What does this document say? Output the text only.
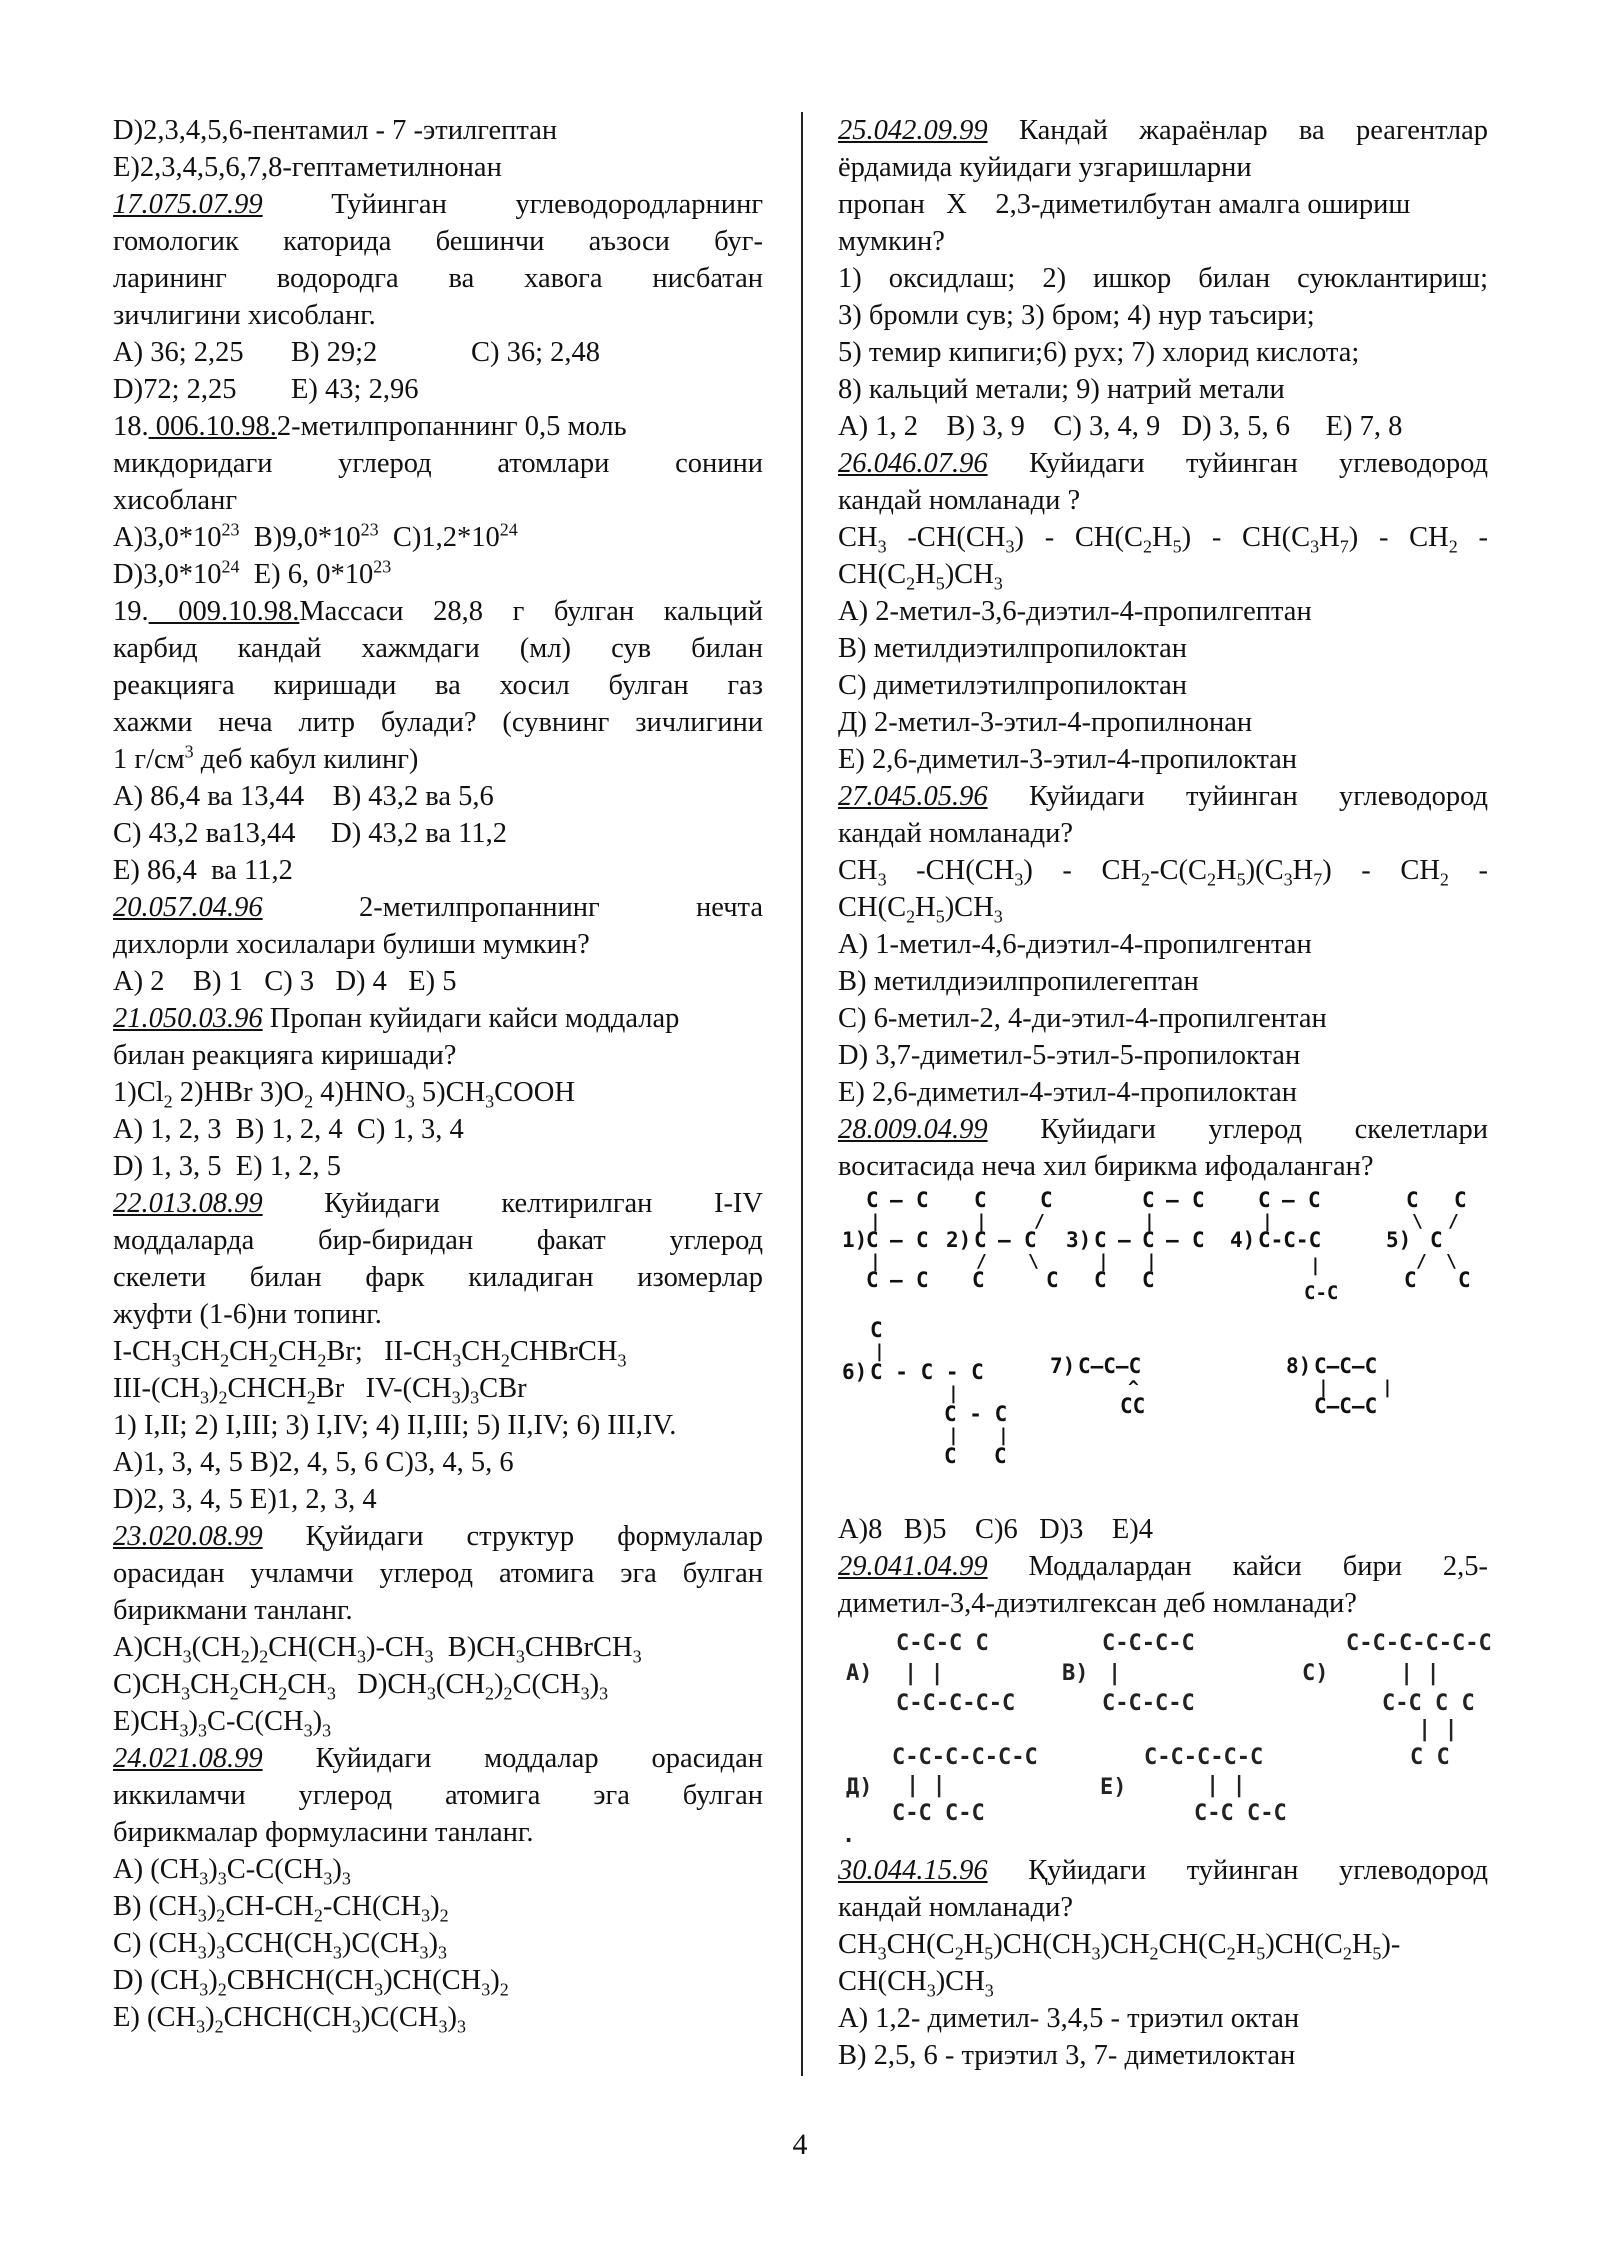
D)2,3,4,5,6-пентамил - 7 -этилгептан
E)2,3,4,5,6,7,8-гептаметилнонан
17.075.07.99 Туйинган углеводородларнинг
гомологик каторида бешинчи аъзоси буг-
ларининг водородга ва хавога нисбатан
зичлигини хисобланг.
A) 36; 2,25 B) 29;2	C) 36; 2,48
D)72; 2,25 E) 43; 2,96
18. 006.10.98.2-метилпропаннинг 0,5 моль
микдоридаги углерод атомлари сонини
хисобланг
$A)3,0*10^{23}$ $B)9,0*10^{23}$ $C)1,2*10^{24}$
$D)3,0*10^{24}$ E) 6, $0*10^{23}$
19. 009.10.98.Массаси 28,8 г булган кальций
карбид кандай хажмдаги (мл) сув билан
реакцияга киришади ва хосил булган газ
хажми неча литр булади? (сувнинг зичлигини
1 $г/см^3$ деб кабул килинг)
A) 86,4 ва 13,44    B) 43,2 ва 5,6
C) 43,2 ва13,44     D) 43,2 ва 11,2
E) 86,4  ва 11,2
20.057.04.96	2-метилпропаннинг нечта
дихлорли хосилалари булиши мумкин?
A) 2    B) 1   C) 3   D) 4   E) 5
21.050.03.96 Пропан куйидаги кайси моддалар
билан реакцияга киришади?
$1)Cl_2$ 2)HBr $3)O_2$ $4)HNO_3$ $5)CH_3COOH$
A) 1, 2, 3  B) 1, 2, 4  C) 1, 3, 4
D) 1, 3, 5  E) 1, 2, 5
22.013.08.99 Куйидаги келтирилган I-IV
моддаларда бир-биридан факат углерод
скелети билан фарк киладиган изомерлар
жуфти (1-6)ни топинг.
$I-CH_3CH_2CH_2CH_2Br$;   $II-CH_3CH_2CHBrCH_3$
III-$(CH_3)_2CHCH_2Br$   $IV-(CH_3)_3CBr$
1) I,II; 2) I,III; 3) I,IV; 4) II,III; 5) II,IV; 6) III,IV.
A)1, 3, 4, 5 B)2, 4, 5, 6 C)3, 4, 5, 6
D)2, 3, 4, 5 E)1, 2, 3, 4
23.020.08.99 Қуйидаги структур формулалар
орасидан учламчи углерод атомига эга булган
бирикмани танланг.
$A)CH_3(CH_2)_2CH(CH_3)-CH_3$  $B)CH_3CHBrCH_3$
$C)CH_3CH_2CH_2CH_3$   $D)CH_3(CH_2)_2C(CH_3)_3$
$E)CH_3)_3C-C(CH_3)_3$
24.021.08.99 Куйидаги моддалар орасидан
иккиламчи углерод атомига эга булган
бирикмалар формуласини танланг.
A) $(CH_3)_3C-C(CH_3)_3$
B) $(CH_3)_2CH-CH_2-CH(CH_3)_2$
C) $(CH_3)_3CCH(CH_3)C(CH_3)_3$
D) $(CH_3)_2CBHCH(CH_3)CH(CH_3)_2$
E) $(CH_3)_2CHCH(CH_3)C(CH_3)_3$
25.042.09.99 Кандай жараёнлар ва реагентлар
ёрдамида куйидаги узгаришларни
пропан   X    2,3-диметилбутан амалга ошириш
мумкин?
1) оксидлаш; 2) ишкор билан суюклантириш;
3) бромли сув; 3) бром; 4) нур таъсири;
5) темир кипиги;6) рух; 7) хлорид кислота;
8) кальций метали; 9) натрий метали
A) 1, 2    B) 3, 9    C) 3, 4, 9   D) 3, 5, 6     E) 7, 8
26.046.07.96 Куйидаги туйинган углеводород
кандай номланади ?
$CH_3$ $-CH(CH_3) - CH(C_2H_5) - CH(C_3H_7) - CH_2$ -
$CH(C_2H_5)CH_3$
A) 2-метил-3,6-диэтил-4-пропилгептан
B) метилдиэтилпропилоктан
C) диметилэтилпропилоктан
Д) 2-метил-3-этил-4-пропилнонан
E) 2,6-диметил-3-этил-4-пропилоктан
27.045.05.96 Куйидаги туйинган углеводород
кандай номланади?
$CH_3$ $-CH(CH_3) - CH_2-C(C_2H_5)(C_3H_7) - CH_2$ -
$CH(C_2H_5)CH_3$
A) 1-метил-4,6-диэтил-4-пропилгентан
B) метилдиэилпропилегептан
C) 6-метил-2, 4-ди-этил-4-пропилгентан
D) 3,7-диметил-5-этил-5-пропилоктан
E) 2,6-диметил-4-этил-4-пропилоктан
28.009.04.99 Куйидаги углерод скелетлари
воситасида неча хил бирикма ифодаланган?
C — C
|
1)
C — C
|
C — C
C	C
|	/
2) C — C
/ \
C	C
C — C
|
3) C — C — C
| |
C C
C — C
|
4) C-C-C
|
C-C
C C
\ /
5) C
/ \
C C
C
|
6) C - C - C
|
C - C
| |
C C
7) C—C—C
^
CC
8) C—C—C
|	|
C—C—C
A)8   B)5    C)6   D)3    E)4
29.041.04.99 Моддалардан кайси бири 2,5-
диметил-3,4-диэтилгексан деб номланади?
C-C-C C
| |
A)
C-C-C-C-C
C-C-C-C
|
B)
C-C-C-C
C-C-C-C-C-C
| |
C)
C-C C C
| |
C C
C-C-C-C-C-C
| |
Д)
C-C C-C
C-C-C-C-C
| |
E)
C-C C-C
.
30.044.15.96 Қуйидаги туйинган углеводород
кандай номланади?
$CH_3CH(C_2H_5)CH(CH_3)CH_2CH(C_2H_5)CH(C_2H_5)-$
$CH(CH_3)CH_3$
A) 1,2- диметил- 3,4,5 - триэтил октан
B) 2,5, 6 - триэтил 3, 7- диметилоктан
4
